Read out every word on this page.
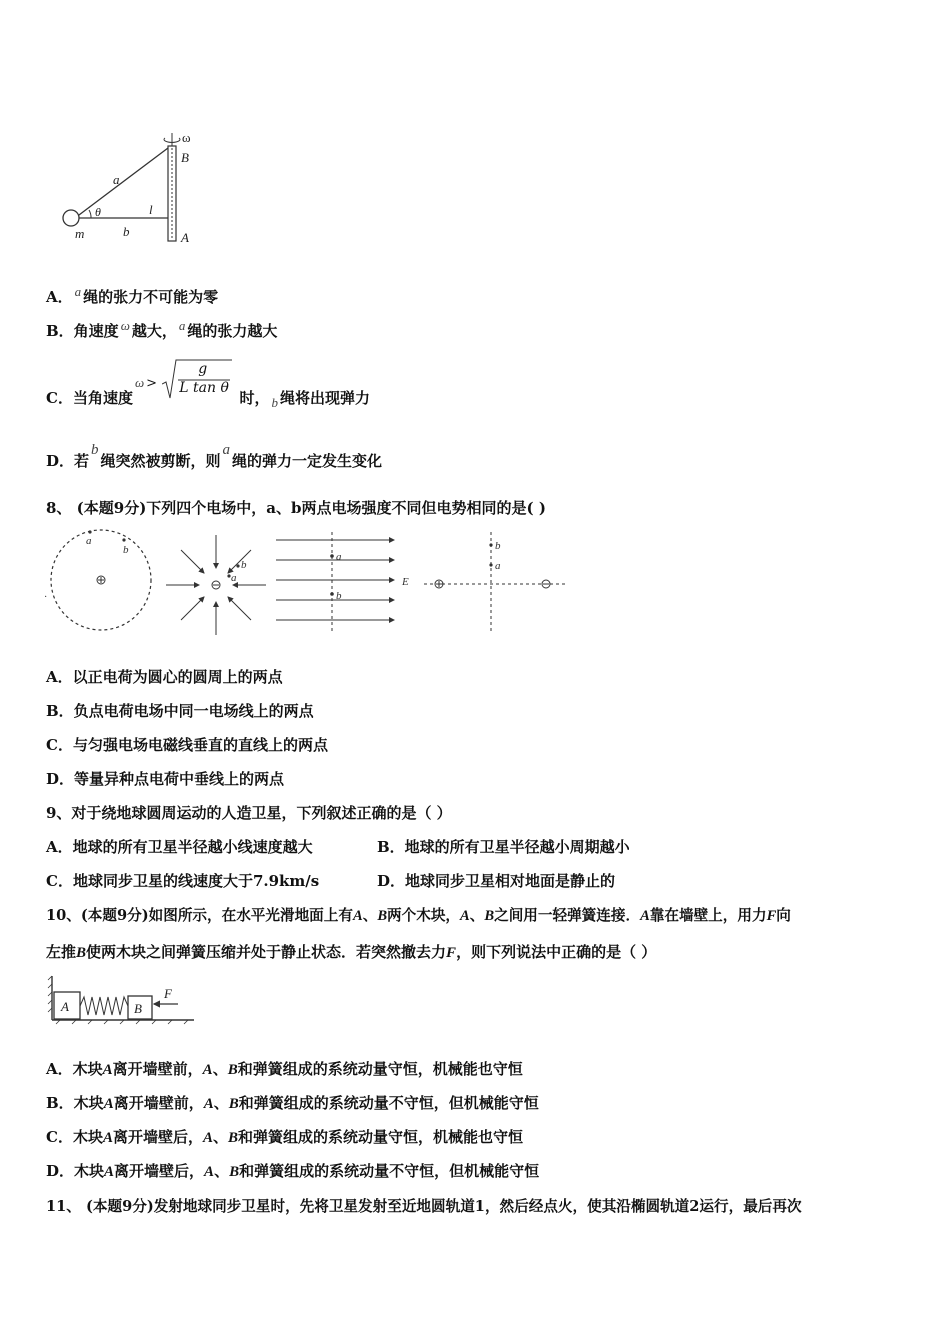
ω
B
A
a
θ	l
m	b
A． a 绳的张力不可能为零
B．角速度 ω 越大， a 绳的张力越大
C．当角速度ω >
g
L tan θ
时， b 绳将出现弹力
D．若b绳突然被剪断，则a绳的弹力一定发生变化
8、 (本题9分)下列四个电场中，a、b两点电场强度不同但电势相同的是( )
·
a
b
b
a
a
b
E
b
a
A．以正电荷为圆心的圆周上的两点
B．负点电荷电场中同一电场线上的两点
C．与匀强电场电磁线垂直的直线上的两点
D．等量异种点电荷中垂线上的两点
9、对于绕地球圆周运动的人造卫星，下列叙述正确的是（ ）
A．地球的所有卫星半径越小线速度越大	B．地球的所有卫星半径越小周期越小
C．地球同步卫星的线速度大于7.9km/s	D．地球同步卫星相对地面是静止的
10、(本题9分)如图所示，在水平光滑地面上有A、B两个木块，A、B之间用一轻弹簧连接．A靠在墙壁上，用力F向
左推B使两木块之间弹簧压缩并处于静止状态．若突然撤去力F，则下列说法中正确的是（ ）
A	B
F
A．木块A离开墙壁前，A、B和弹簧组成的系统动量守恒，机械能也守恒
B．木块A离开墙壁前，A、B和弹簧组成的系统动量不守恒，但机械能守恒
C．木块A离开墙壁后，A、B和弹簧组成的系统动量守恒，机械能也守恒
D．木块A离开墙壁后，A、B和弹簧组成的系统动量不守恒，但机械能守恒
11、 (本题9分)发射地球同步卫星时，先将卫星发射至近地圆轨道1，然后经点火，使其沿椭圆轨道2运行，最后再次
